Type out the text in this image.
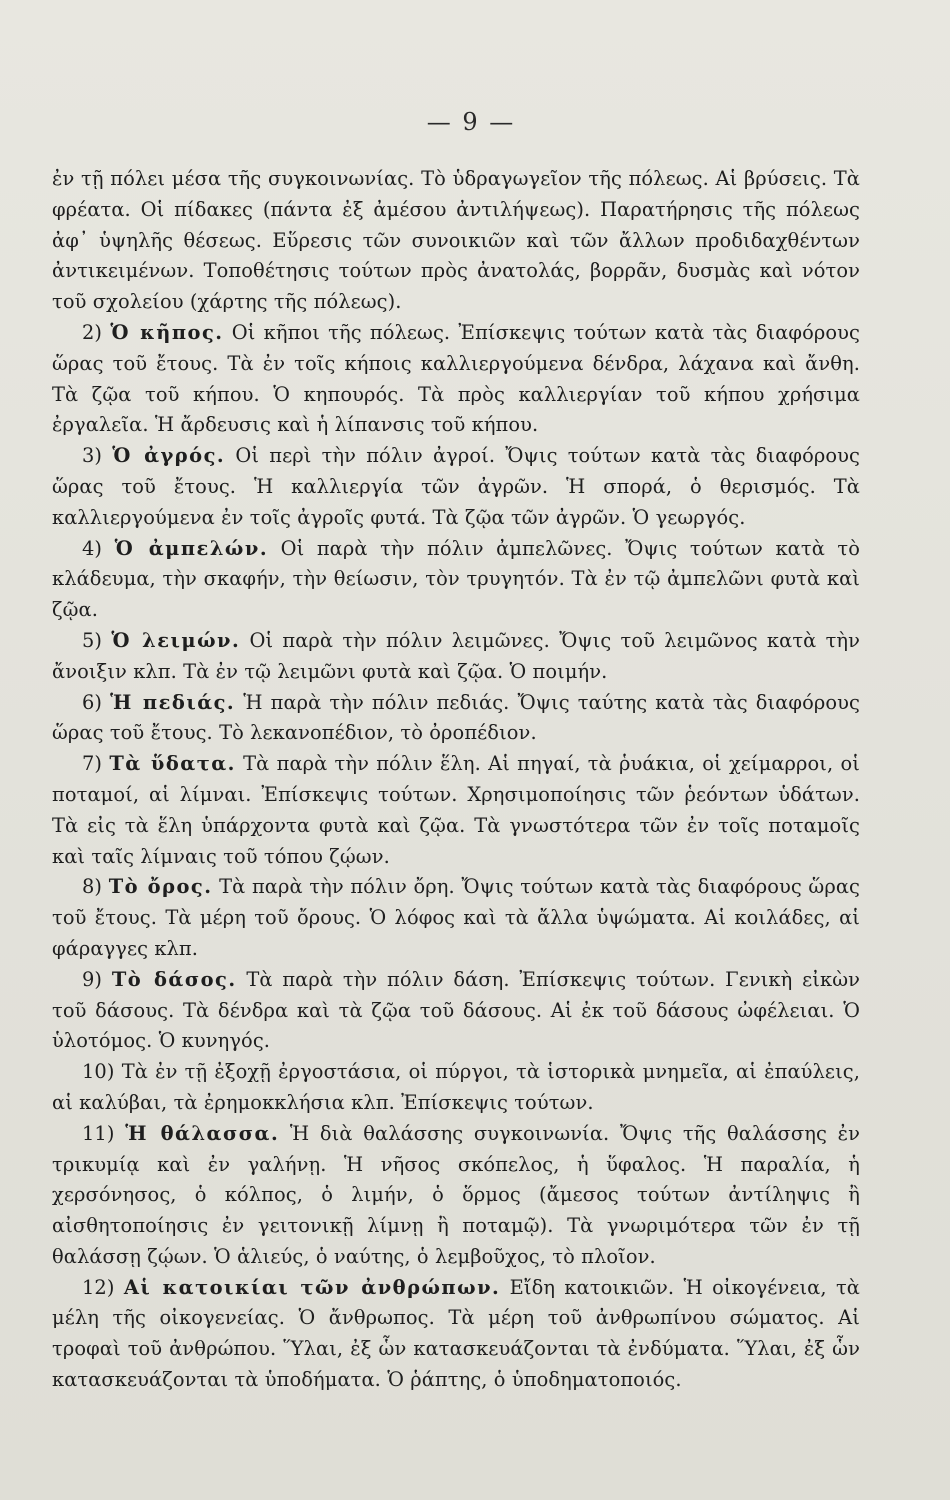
— 9 —

ἐν τῇ πόλει μέσα τῆς συγκοινωνίας. Τὸ ὑδραγωγεῖον τῆς πόλεως. Αἱ βρύσεις. Τὰ φρέατα. Οἱ πίδακες (πάντα ἐξ ἀμέσου ἀντιλήψεως). Παρατήρησις τῆς πόλεως ἀφ᾽ ὑψηλῆς θέσεως. Εὕρεσις τῶν συνοικιῶν καὶ τῶν ἄλλων προδιδαχθέντων ἀντικειμένων. Τοποθέτησις τούτων πρὸς ἀνατολάς, βορρᾶν, δυσμὰς καὶ νότον τοῦ σχολείου (χάρτης τῆς πόλεως).

2) Ὁ κῆπος. Οἱ κῆποι τῆς πόλεως. Ἐπίσκεψις τούτων κατὰ τὰς διαφόρους ὥρας τοῦ ἔτους. Τὰ ἐν τοῖς κήποις καλλιεργούμενα δένδρα, λάχανα καὶ ἄνθη. Τὰ ζῷα τοῦ κήπου. Ὁ κηπουρός. Τὰ πρὸς καλλιεργίαν τοῦ κήπου χρήσιμα ἐργαλεῖα. Ἡ ἄρδευσις καὶ ἡ λίπανσις τοῦ κήπου.

3) Ὁ ἀγρός. Οἱ περὶ τὴν πόλιν ἀγροί. Ὄψις τούτων κατὰ τὰς διαφόρους ὥρας τοῦ ἔτους. Ἡ καλλιεργία τῶν ἀγρῶν. Ἡ σπορά, ὁ θερισμός. Τὰ καλλιεργούμενα ἐν τοῖς ἀγροῖς φυτά. Τὰ ζῷα τῶν ἀγρῶν. Ὁ γεωργός.

4) Ὁ ἀμπελών. Οἱ παρὰ τὴν πόλιν ἀμπελῶνες. Ὄψις τούτων κατὰ τὸ κλάδευμα, τὴν σκαφήν, τὴν θείωσιν, τὸν τρυγητόν. Τὰ ἐν τῷ ἀμπελῶνι φυτὰ καὶ ζῷα.

5) Ὁ λειμών. Οἱ παρὰ τὴν πόλιν λειμῶνες. Ὄψις τοῦ λειμῶνος κατὰ τὴν ἄνοιξιν κλπ. Τὰ ἐν τῷ λειμῶνι φυτὰ καὶ ζῷα. Ὁ ποιμήν.

6) Ἡ πεδιάς. Ἡ παρὰ τὴν πόλιν πεδιάς. Ὄψις ταύτης κατὰ τὰς διαφόρους ὥρας τοῦ ἔτους. Τὸ λεκανοπέδιον, τὸ ὀροπέδιον.

7) Τὰ ὕδατα. Τὰ παρὰ τὴν πόλιν ἕλη. Αἱ πηγαί, τὰ ῥυάκια, οἱ χείμαρροι, οἱ ποταμοί, αἱ λίμναι. Ἐπίσκεψις τούτων. Χρησιμοποίησις τῶν ῥεόντων ὑδάτων. Τὰ εἰς τὰ ἕλη ὑπάρχοντα φυτὰ καὶ ζῷα. Τὰ γνωστότερα τῶν ἐν τοῖς ποταμοῖς καὶ ταῖς λίμναις τοῦ τόπου ζῴων.

8) Τὸ ὄρος. Τὰ παρὰ τὴν πόλιν ὄρη. Ὄψις τούτων κατὰ τὰς διαφόρους ὥρας τοῦ ἔτους. Τὰ μέρη τοῦ ὄρους. Ὁ λόφος καὶ τὰ ἄλλα ὑψώματα. Αἱ κοιλάδες, αἱ φάραγγες κλπ.

9) Τὸ δάσος. Τὰ παρὰ τὴν πόλιν δάση. Ἐπίσκεψις τούτων. Γενικὴ εἰκὼν τοῦ δάσους. Τὰ δένδρα καὶ τὰ ζῷα τοῦ δάσους. Αἱ ἐκ τοῦ δάσους ὠφέλειαι. Ὁ ὑλοτόμος. Ὁ κυνηγός.

10) Τὰ ἐν τῇ ἐξοχῇ ἐργοστάσια, οἱ πύργοι, τὰ ἱστορικὰ μνημεῖα, αἱ ἐπαύλεις, αἱ καλύβαι, τὰ ἐρημοκκλήσια κλπ. Ἐπίσκεψις τούτων.

11) Ἡ θάλασσα. Ἡ διὰ θαλάσσης συγκοινωνία. Ὄψις τῆς θαλάσσης ἐν τρικυμίᾳ καὶ ἐν γαλήνῃ. Ἡ νῆσος σκόπελος, ἡ ὕφαλος. Ἡ παραλία, ἡ χερσόνησος, ὁ κόλπος, ὁ λιμήν, ὁ ὅρμος (ἄμεσος τούτων ἀντίληψις ἢ αἰσθητοποίησις ἐν γειτονικῇ λίμνῃ ἢ ποταμῷ). Τὰ γνωριμότερα τῶν ἐν τῇ θαλάσσῃ ζῴων. Ὁ ἁλιεύς, ὁ ναύτης, ὁ λεμβοῦχος, τὸ πλοῖον.

12) Αἱ κατοικίαι τῶν ἀνθρώπων. Εἴδη κατοικιῶν. Ἡ οἰκογένεια, τὰ μέλη τῆς οἰκογενείας. Ὁ ἄνθρωπος. Τὰ μέρη τοῦ ἀνθρωπίνου σώματος. Αἱ τροφαὶ τοῦ ἀνθρώπου. Ὕλαι, ἐξ ὧν κατασκευάζονται τὰ ἐνδύματα. Ὕλαι, ἐξ ὧν κατασκευάζονται τὰ ὑποδήματα. Ὁ ῥάπτης, ὁ ὑποδηματοποιός.
